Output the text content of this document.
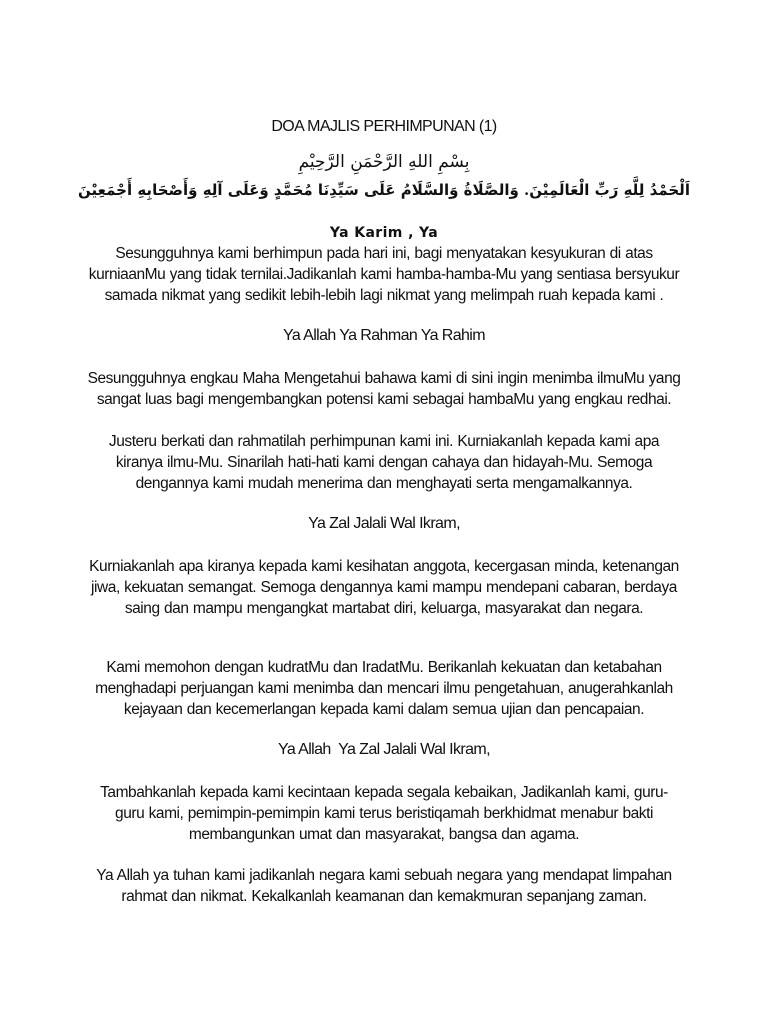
DOA MAJLIS PERHIMPUNAN (1)

بِسْمِ اللهِ الرَّحْمَنِ الرَّحِيْمِ

اَلْحَمْدُ لِلَّهِ رَبِّ الْعَالَمِيْنَ. وَالصَّلَاةُ وَالسَّلَامُ عَلَى سَيِّدِنَا مُحَمَّدٍ وَعَلَى آلِهِ وَأَصْحَابِهِ أَجْمَعِيْنَ

Ya Karim , Ya

Sesungguhnya kami berhimpun pada hari ini, bagi menyatakan kesyukuran di atas
kurniaanMu yang tidak ternilai.Jadikanlah kami hamba-hamba-Mu yang sentiasa bersyukur
samada nikmat yang sedikit lebih-lebih lagi nikmat yang melimpah ruah kepada kami .

Ya Allah Ya Rahman Ya Rahim

Sesungguhnya engkau Maha Mengetahui bahawa kami di sini ingin menimba ilmuMu yang
sangat luas bagi mengembangkan potensi kami sebagai hambaMu yang engkau redhai.

Justeru berkati dan rahmatilah perhimpunan kami ini. Kurniakanlah kepada kami apa
kiranya ilmu-Mu. Sinarilah hati-hati kami dengan cahaya dan hidayah-Mu. Semoga
dengannya kami mudah menerima dan menghayati serta mengamalkannya.

Ya Zal Jalali Wal Ikram,

Kurniakanlah apa kiranya kepada kami kesihatan anggota, kecergasan minda, ketenangan
jiwa, kekuatan semangat. Semoga dengannya kami mampu mendepani cabaran, berdaya
saing dan mampu mengangkat martabat diri, keluarga, masyarakat dan negara.

Kami memohon dengan kudratMu dan IradatMu. Berikanlah kekuatan dan ketabahan
menghadapi perjuangan kami menimba dan mencari ilmu pengetahuan, anugerahkanlah
kejayaan dan kecemerlangan kepada kami dalam semua ujian dan pencapaian.

Ya Allah  Ya Zal Jalali Wal Ikram,

Tambahkanlah kepada kami kecintaan kepada segala kebaikan, Jadikanlah kami, guru-
guru kami, pemimpin-pemimpin kami terus beristiqamah berkhidmat menabur bakti
membangunkan umat dan masyarakat, bangsa dan agama.

Ya Allah ya tuhan kami jadikanlah negara kami sebuah negara yang mendapat limpahan
rahmat dan nikmat. Kekalkanlah keamanan dan kemakmuran sepanjang zaman.
